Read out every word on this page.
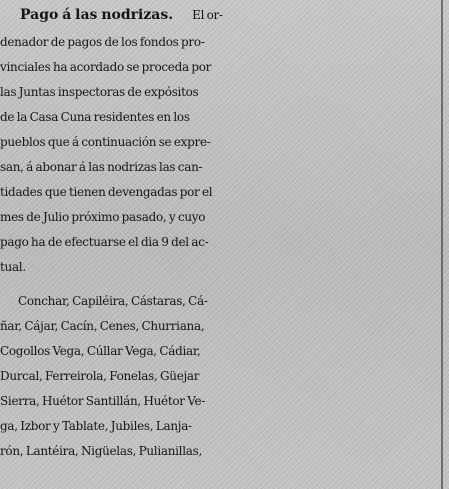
Pago á las nodrizas. El or-
denador de pagos de los fondos pro-
vinciales ha acordado se proceda por
las Juntas inspectoras de expósitos
de la Casa Cuna residentes en los
pueblos que á continuación se expre-
san, á abonar á las nodrizas las can-
tidades que tienen devengadas por el
mes de Julio próximo pasado, y cuyo
pago ha de efectuarse el dia 9 del ac-
tual.
Conchar, Capiléira, Cástaras, Cá-
ñar, Cájar, Cacín, Cenes, Churriana,
Cogollos Vega, Cúllar Vega, Cádiar,
Durcal, Ferreirola, Fonelas, Güejar
Sierra, Huétor Santillán, Huétor Ve-
ga, Izbor y Tablate, Jubiles, Lanja-
rón, Lantéira, Nigüelas, Pulianillas,
